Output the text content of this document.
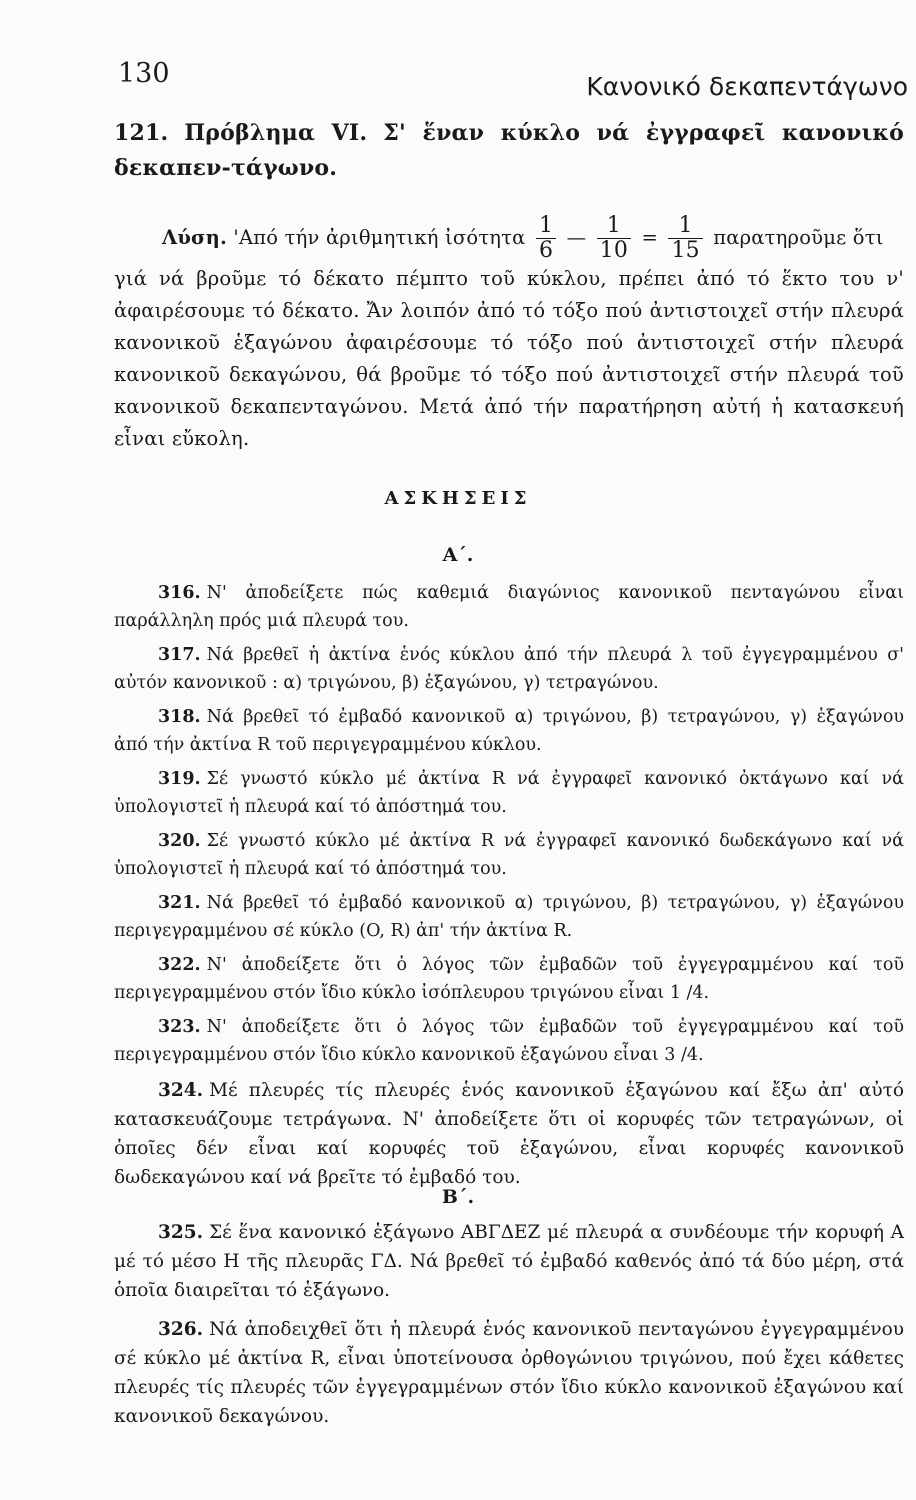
130	Κανονικό δεκαπεντάγωνο

121. Πρόβλημα VI. Σ' ἕναν κύκλο νά ἐγγραφεῖ κανονικό δεκαπεν-τάγωνο.

Λύση. 'Από τήν ἀριθμητική ἰσότητα $\frac{1}{6}$ — $\frac{1}{10} = \frac{1}{15}$ παρατηροῦμε ὅτι

γιά νά βροῦμε τό δέκατο πέμπτο τοῦ κύκλου, πρέπει ἀπό τό ἕκτο του ν' ἀφαιρέσουμε τό δέκατο. Ἄν λοιπόν ἀπό τό τόξο πού ἀντιστοιχεῖ στήν πλευρά κανονικοῦ ἑξαγώνου ἀφαιρέσουμε τό τόξο πού ἀντιστοιχεῖ στήν πλευρά κανονικοῦ δεκαγώνου, θά βροῦμε τό τόξο πού ἀντιστοιχεῖ στήν πλευρά τοῦ κανονικοῦ δεκαπενταγώνου. Μετά ἀπό τήν παρατήρηση αὐτή ἡ κατασκευή εἶναι εὔκολη.

ΑΣΚΗΣΕΙΣ
Α΄.

316. Ν' ἀποδείξετε πώς καθεμιά διαγώνιος κανονικοῦ πενταγώνου εἶναι παράλληλη πρός μιά πλευρά του.

317. Νά βρεθεῖ ἡ ἀκτίνα ἑνός κύκλου ἀπό τήν πλευρά λ τοῦ ἐγγεγραμμένου σ' αὐτόν κανονικοῦ : α) τριγώνου, β) ἑξαγώνου, γ) τετραγώνου.

318. Νά βρεθεῖ τό ἐμβαδό κανονικοῦ α) τριγώνου, β) τετραγώνου, γ) ἑξαγώνου ἀπό τήν ἀκτίνα R τοῦ περιγεγραμμένου κύκλου.

319. Σέ γνωστό κύκλο μέ ἀκτίνα R νά ἐγγραφεῖ κανονικό ὀκτάγωνο καί νά ὑπολογιστεῖ ἡ πλευρά καί τό ἀπόστημά του.

320. Σέ γνωστό κύκλο μέ ἀκτίνα R νά ἐγγραφεῖ κανονικό δωδεκάγωνο καί νά ὑπολογιστεῖ ἡ πλευρά καί τό ἀπόστημά του.

321. Νά βρεθεῖ τό ἐμβαδό κανονικοῦ α) τριγώνου, β) τετραγώνου, γ) ἑξαγώνου περιγεγραμμένου σέ κύκλο (O, R) ἀπ' τήν ἀκτίνα R.

322. Ν' ἀποδείξετε ὅτι ὁ λόγος τῶν ἐμβαδῶν τοῦ ἐγγεγραμμένου καί τοῦ περιγεγραμμένου στόν ἴδιο κύκλο ἰσόπλευρου τριγώνου εἶναι 1 /4.

323. Ν' ἀποδείξετε ὅτι ὁ λόγος τῶν ἐμβαδῶν τοῦ ἐγγεγραμμένου καί τοῦ περιγεγραμμένου στόν ἴδιο κύκλο κανονικοῦ ἑξαγώνου εἶναι 3 /4.

324. Μέ πλευρές τίς πλευρές ἑνός κανονικοῦ ἑξαγώνου καί ἔξω ἀπ' αὐτό κατασκευάζουμε τετράγωνα. Ν' ἀποδείξετε ὅτι οἱ κορυφές τῶν τετραγώνων, οἱ ὁποῖες δέν εἶναι καί κορυφές τοῦ ἑξαγώνου, εἶναι κορυφές κανονικοῦ δωδεκαγώνου καί νά βρεῖτε τό ἐμβαδό του.

Β΄.

325. Σέ ἕνα κανονικό ἑξάγωνο ΑΒΓΔΕΖ μέ πλευρά α συνδέουμε τήν κορυφή Α μέ τό μέσο Η τῆς πλευρᾶς ΓΔ. Νά βρεθεῖ τό ἐμβαδό καθενός ἀπό τά δύο μέρη, στά ὁποῖα διαιρεῖται τό ἑξάγωνο.

326. Νά ἀποδειχθεῖ ὅτι ἡ πλευρά ἑνός κανονικοῦ πενταγώνου ἐγγεγραμμένου σέ κύκλο μέ ἀκτίνα R, εἶναι ὑποτείνουσα ὀρθογώνιου τριγώνου, πού ἔχει κάθετες πλευρές τίς πλευρές τῶν ἐγγεγραμμένων στόν ἴδιο κύκλο κανονικοῦ ἑξαγώνου καί κανονικοῦ δεκαγώνου.
